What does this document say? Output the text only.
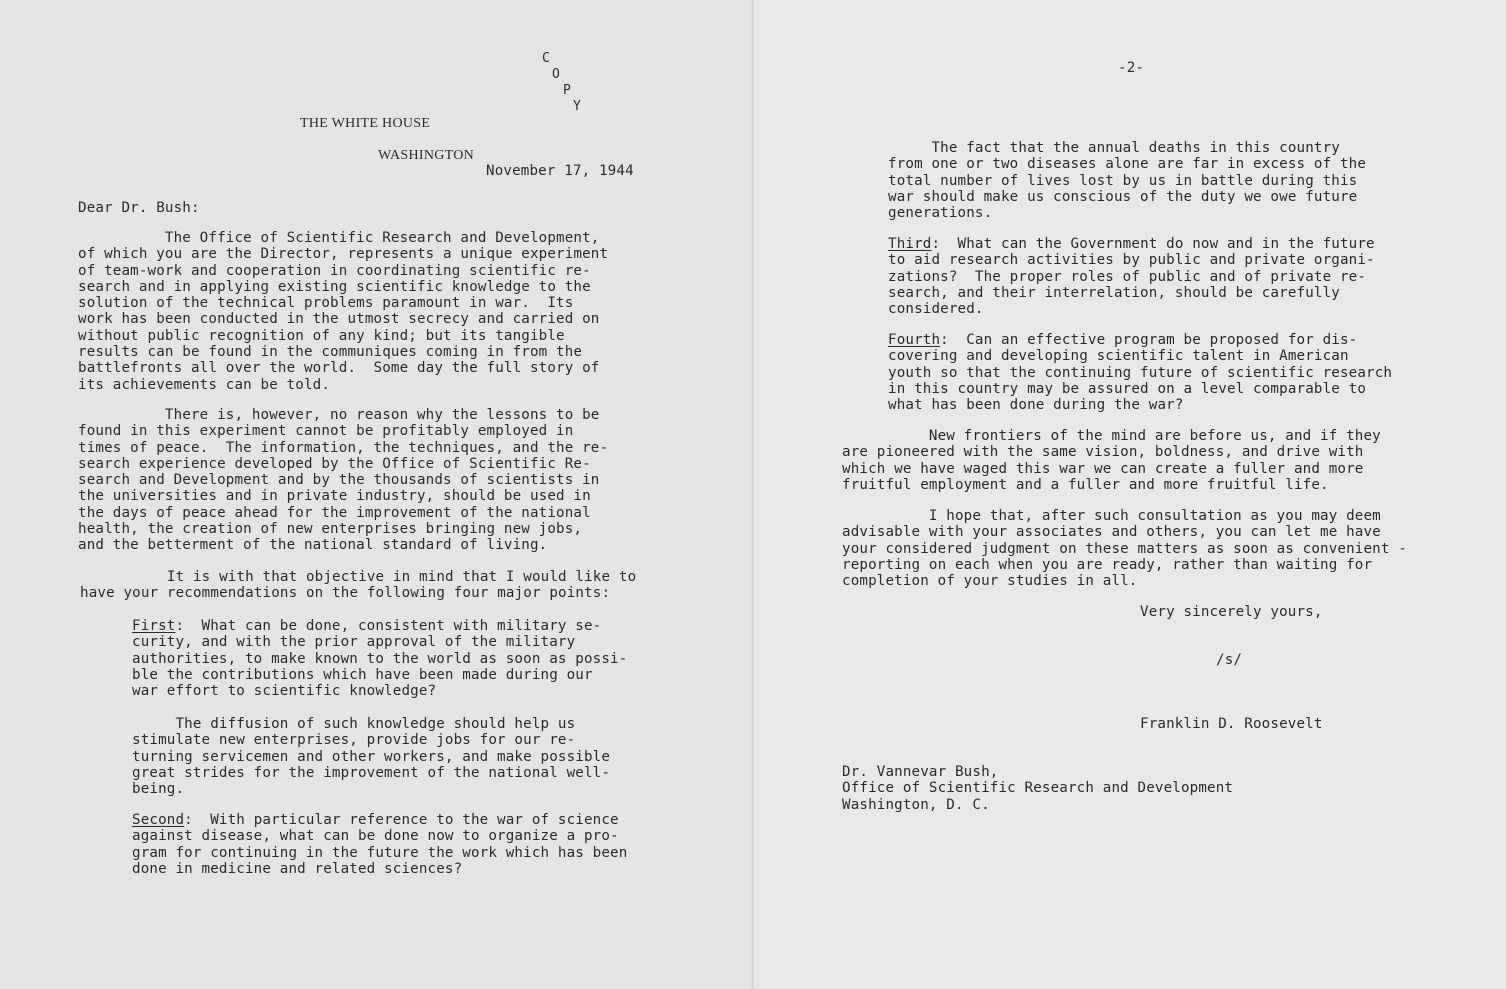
C
O
P
Y
THE WHITE HOUSE
WASHINGTON
November 17, 1944
Dear Dr. Bush:
The Office of Scientific Research and Development,
of which you are the Director, represents a unique experiment
of team-work and cooperation in coordinating scientific re-
search and in applying existing scientific knowledge to the
solution of the technical problems paramount in war.  Its
work has been conducted in the utmost secrecy and carried on
without public recognition of any kind; but its tangible
results can be found in the communiques coming in from the
battlefronts all over the world.  Some day the full story of
its achievements can be told.
There is, however, no reason why the lessons to be
found in this experiment cannot be profitably employed in
times of peace.  The information, the techniques, and the re-
search experience developed by the Office of Scientific Re-
search and Development and by the thousands of scientists in
the universities and in private industry, should be used in
the days of peace ahead for the improvement of the national
health, the creation of new enterprises bringing new jobs,
and the betterment of the national standard of living.
It is with that objective in mind that I would like to
have your recommendations on the following four major points:
First:  What can be done, consistent with military se-
curity, and with the prior approval of the military
authorities, to make known to the world as soon as possi-
ble the contributions which have been made during our
war effort to scientific knowledge?
The diffusion of such knowledge should help us
stimulate new enterprises, provide jobs for our re-
turning servicemen and other workers, and make possible
great strides for the improvement of the national well-
being.
Second:  With particular reference to the war of science
against disease, what can be done now to organize a pro-
gram for continuing in the future the work which has been
done in medicine and related sciences?
-2-
The fact that the annual deaths in this country
from one or two diseases alone are far in excess of the
total number of lives lost by us in battle during this
war should make us conscious of the duty we owe future
generations.
Third:  What can the Government do now and in the future
to aid research activities by public and private organi-
zations?  The proper roles of public and of private re-
search, and their interrelation, should be carefully
considered.
Fourth:  Can an effective program be proposed for dis-
covering and developing scientific talent in American
youth so that the continuing future of scientific research
in this country may be assured on a level comparable to
what has been done during the war?
New frontiers of the mind are before us, and if they
are pioneered with the same vision, boldness, and drive with
which we have waged this war we can create a fuller and more
fruitful employment and a fuller and more fruitful life.
I hope that, after such consultation as you may deem
advisable with your associates and others, you can let me have
your considered judgment on these matters as soon as convenient -
reporting on each when you are ready, rather than waiting for
completion of your studies in all.
Very sincerely yours,
/s/
Franklin D. Roosevelt
Dr. Vannevar Bush,
Office of Scientific Research and Development
Washington, D. C.
